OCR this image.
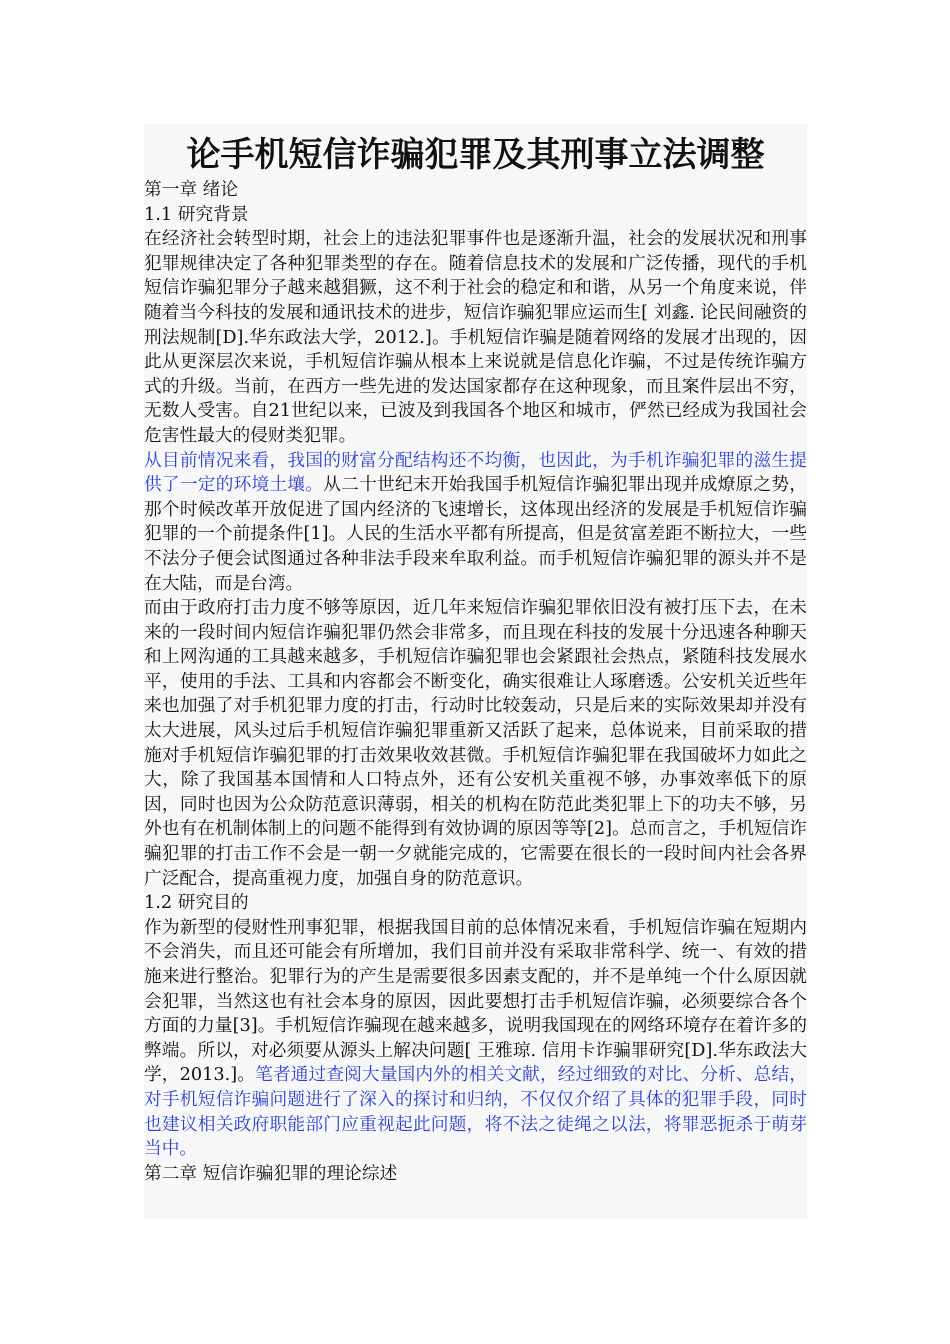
论手机短信诈骗犯罪及其刑事立法调整

第一章 绪论

1.1 研究背景

在经济社会转型时期，社会上的违法犯罪事件也是逐渐升温，社会的发展状况和刑事犯罪规律决定了各种犯罪类型的存在。随着信息技术的发展和广泛传播，现代的手机短信诈骗犯罪分子越来越猖獗，这不利于社会的稳定和和谐，从另一个角度来说，伴随着当今科技的发展和通讯技术的进步，短信诈骗犯罪应运而生[ 刘鑫. 论民间融资的刑法规制[D].华东政法大学，2012.]。手机短信诈骗是随着网络的发展才出现的，因此从更深层次来说，手机短信诈骗从根本上来说就是信息化诈骗，不过是传统诈骗方式的升级。当前，在西方一些先进的发达国家都存在这种现象，而且案件层出不穷，无数人受害。自21世纪以来，已波及到我国各个地区和城市，俨然已经成为我国社会危害性最大的侵财类犯罪。

从目前情况来看，我国的财富分配结构还不均衡，也因此，为手机诈骗犯罪的滋生提供了一定的环境土壤。从二十世纪末开始我国手机短信诈骗犯罪出现并成燎原之势，那个时候改革开放促进了国内经济的飞速增长，这体现出经济的发展是手机短信诈骗犯罪的一个前提条件[1]。人民的生活水平都有所提高，但是贫富差距不断拉大，一些不法分子便会试图通过各种非法手段来牟取利益。而手机短信诈骗犯罪的源头并不是在大陆，而是台湾。

而由于政府打击力度不够等原因，近几年来短信诈骗犯罪依旧没有被打压下去，在未来的一段时间内短信诈骗犯罪仍然会非常多，而且现在科技的发展十分迅速各种聊天和上网沟通的工具越来越多，手机短信诈骗犯罪也会紧跟社会热点，紧随科技发展水平，使用的手法、工具和内容都会不断变化，确实很难让人琢磨透。公安机关近些年来也加强了对手机犯罪力度的打击，行动时比较轰动，只是后来的实际效果却并没有太大进展，风头过后手机短信诈骗犯罪重新又活跃了起来，总体说来，目前采取的措施对手机短信诈骗犯罪的打击效果收效甚微。手机短信诈骗犯罪在我国破坏力如此之大，除了我国基本国情和人口特点外，还有公安机关重视不够，办事效率低下的原因，同时也因为公众防范意识薄弱，相关的机构在防范此类犯罪上下的功夫不够，另外也有在机制体制上的问题不能得到有效协调的原因等等[2]。总而言之，手机短信诈骗犯罪的打击工作不会是一朝一夕就能完成的，它需要在很长的一段时间内社会各界广泛配合，提高重视力度，加强自身的防范意识。

1.2 研究目的

作为新型的侵财性刑事犯罪，根据我国目前的总体情况来看，手机短信诈骗在短期内不会消失，而且还可能会有所增加，我们目前并没有采取非常科学、统一、有效的措施来进行整治。犯罪行为的产生是需要很多因素支配的，并不是单纯一个什么原因就会犯罪，当然这也有社会本身的原因，因此要想打击手机短信诈骗，必须要综合各个方面的力量[3]。手机短信诈骗现在越来越多，说明我国现在的网络环境存在着许多的弊端。所以，对必须要从源头上解决问题[ 王雅琼. 信用卡诈骗罪研究[D].华东政法大学，2013.]。笔者通过查阅大量国内外的相关文献，经过细致的对比、分析、总结，对手机短信诈骗问题进行了深入的探讨和归纳，不仅仅介绍了具体的犯罪手段，同时也建议相关政府职能部门应重视起此问题，将不法之徒绳之以法，将罪恶扼杀于萌芽当中。

第二章 短信诈骗犯罪的理论综述
